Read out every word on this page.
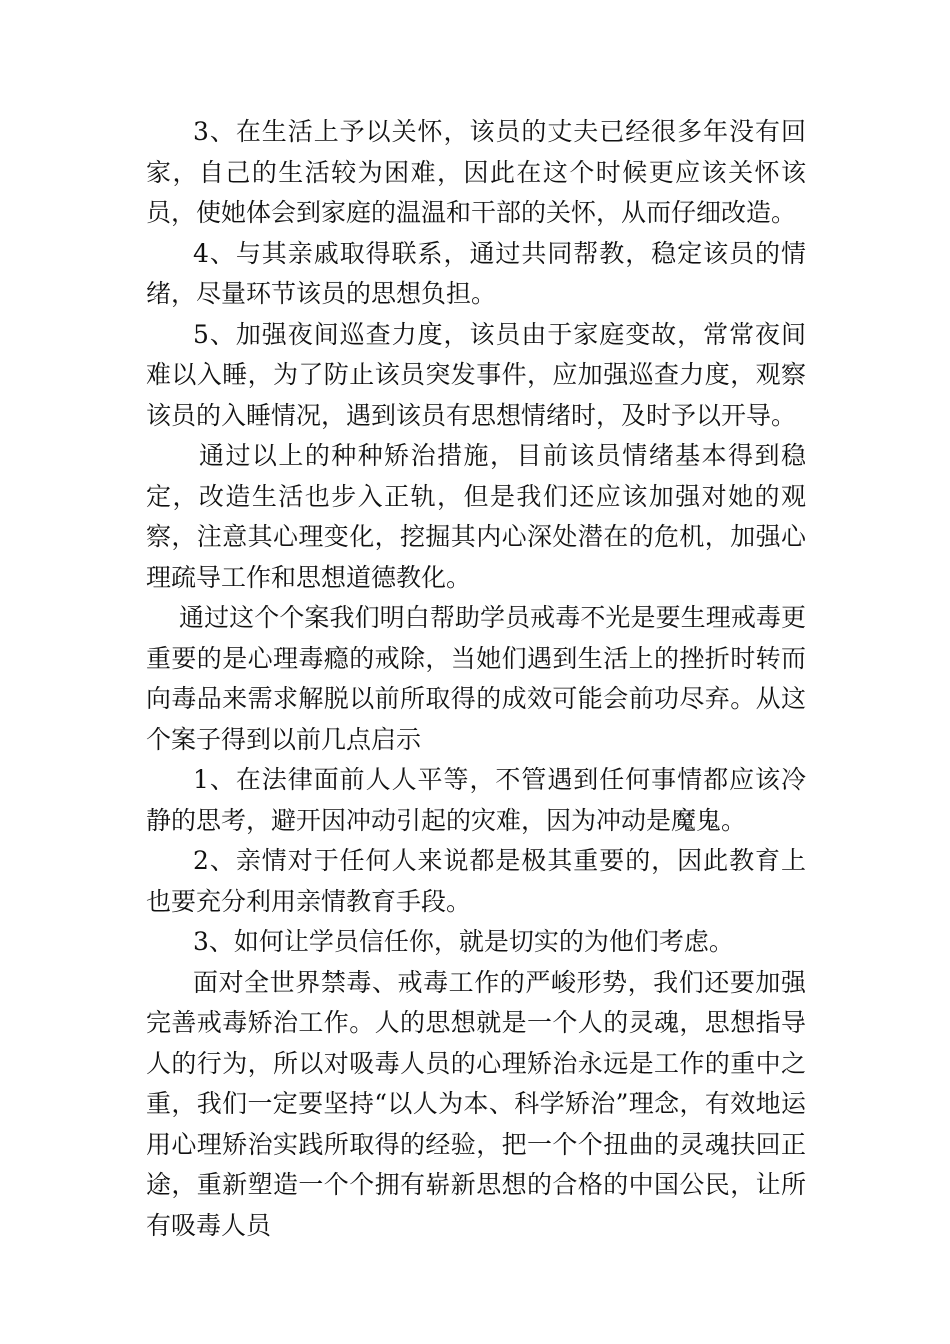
3、在生活上予以关怀，该员的丈夫已经很多年没有回家，自己的生活较为困难，因此在这个时候更应该关怀该员，使她体会到家庭的温温和干部的关怀，从而仔细改造。

4、与其亲戚取得联系，通过共同帮教，稳定该员的情绪，尽量环节该员的思想负担。

5、加强夜间巡查力度，该员由于家庭变故，常常夜间难以入睡，为了防止该员突发事件，应加强巡查力度，观察该员的入睡情况，遇到该员有思想情绪时，及时予以开导。

通过以上的种种矫治措施，目前该员情绪基本得到稳定，改造生活也步入正轨，但是我们还应该加强对她的观察，注意其心理变化，挖掘其内心深处潜在的危机，加强心理疏导工作和思想道德教化。

通过这个个案我们明白帮助学员戒毒不光是要生理戒毒更重要的是心理毒瘾的戒除，当她们遇到生活上的挫折时转而向毒品来需求解脱以前所取得的成效可能会前功尽弃。从这个案子得到以前几点启示

1、在法律面前人人平等，不管遇到任何事情都应该冷静的思考，避开因冲动引起的灾难，因为冲动是魔鬼。

2、亲情对于任何人来说都是极其重要的，因此教育上也要充分利用亲情教育手段。

3、如何让学员信任你，就是切实的为他们考虑。

面对全世界禁毒、戒毒工作的严峻形势，我们还要加强完善戒毒矫治工作。人的思想就是一个人的灵魂，思想指导人的行为，所以对吸毒人员的心理矫治永远是工作的重中之重，我们一定要坚持“以人为本、科学矫治”理念，有效地运用心理矫治实践所取得的经验，把一个个扭曲的灵魂扶回正途，重新塑造一个个拥有崭新思想的合格的中国公民，让所有吸毒人员
